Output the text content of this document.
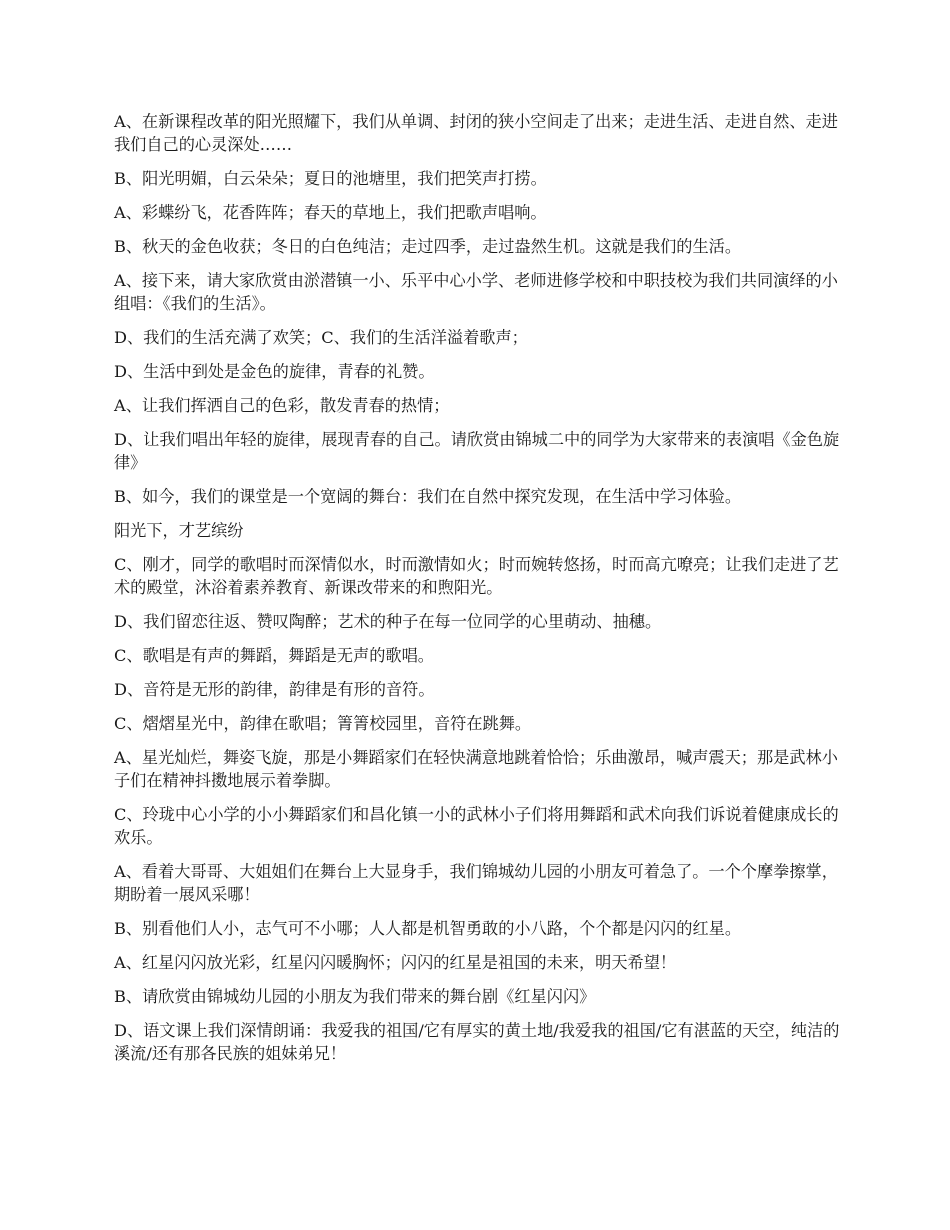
A、在新课程改革的阳光照耀下，我们从单调、封闭的狭小空间走了出来；走进生活、走进自然、走进我们自己的心灵深处……

B、阳光明媚，白云朵朵；夏日的池塘里，我们把笑声打捞。

A、彩蝶纷飞，花香阵阵；春天的草地上，我们把歌声唱响。

B、秋天的金色收获；冬日的白色纯洁；走过四季，走过盎然生机。这就是我们的生活。

A、接下来，请大家欣赏由淤潜镇一小、乐平中心小学、老师进修学校和中职技校为我们共同演绎的小组唱：《我们的生活》。

D、我们的生活充满了欢笑；C、我们的生活洋溢着歌声；

D、生活中到处是金色的旋律，青春的礼赞。

A、让我们挥洒自己的色彩，散发青春的热情；

D、让我们唱出年轻的旋律，展现青春的自己。请欣赏由锦城二中的同学为大家带来的表演唱《金色旋律》

B、如今，我们的课堂是一个宽阔的舞台：我们在自然中探究发现，在生活中学习体验。

阳光下，才艺缤纷

C、刚才，同学的歌唱时而深情似水，时而激情如火；时而婉转悠扬，时而高亢嘹亮；让我们走进了艺术的殿堂，沐浴着素养教育、新课改带来的和煦阳光。

D、我们留恋往返、赞叹陶醉；艺术的种子在每一位同学的心里萌动、抽穗。

C、歌唱是有声的舞蹈，舞蹈是无声的歌唱。

D、音符是无形的韵律，韵律是有形的音符。

C、熠熠星光中，韵律在歌唱；箐箐校园里，音符在跳舞。

A、星光灿烂，舞姿飞旋，那是小舞蹈家们在轻快满意地跳着恰恰；乐曲激昂，喊声震天；那是武林小子们在精神抖擞地展示着拳脚。

C、玲珑中心小学的小小舞蹈家们和昌化镇一小的武林小子们将用舞蹈和武术向我们诉说着健康成长的欢乐。

A、看着大哥哥、大姐姐们在舞台上大显身手，我们锦城幼儿园的小朋友可着急了。一个个摩拳擦掌，期盼着一展风采哪！

B、别看他们人小，志气可不小哪；人人都是机智勇敢的小八路，个个都是闪闪的红星。

A、红星闪闪放光彩，红星闪闪暖胸怀；闪闪的红星是祖国的未来，明天希望！

B、请欣赏由锦城幼儿园的小朋友为我们带来的舞台剧《红星闪闪》

D、语文课上我们深情朗诵：我爱我的祖国/它有厚实的黄土地/我爱我的祖国/它有湛蓝的天空，纯洁的溪流/还有那各民族的姐妹弟兄！
